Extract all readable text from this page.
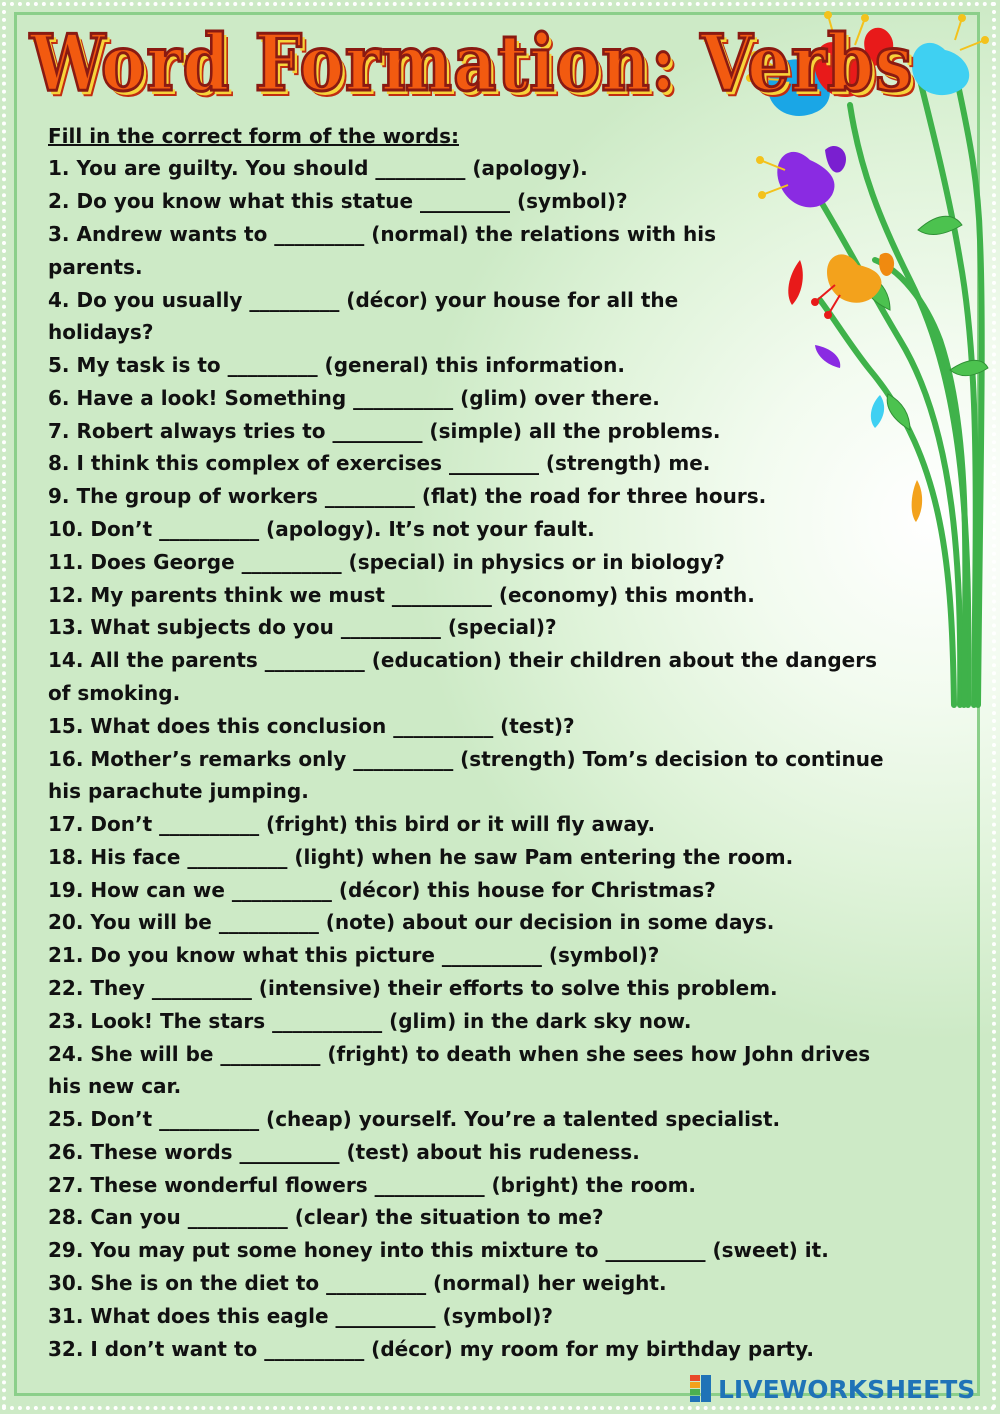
Word Formation: Verbs
Fill in the correct form of the words:
1. You are guilty. You should _________ (apology).
2. Do you know what this statue _________ (symbol)?
3. Andrew wants to _________ (normal) the relations with his
parents.
4. Do you usually _________ (décor) your house for all the
holidays?
5. My task is to _________ (general) this information.
6. Have a look! Something __________ (glim) over there.
7. Robert always tries to _________ (simple) all the problems.
8. I think this complex of exercises _________ (strength) me.
9. The group of workers _________ (flat) the road for three hours.
10. Don’t __________ (apology). It’s not your fault.
11. Does George __________ (special) in physics or in biology?
12. My parents think we must __________ (economy) this month.
13. What subjects do you __________ (special)?
14. All the parents __________ (education) their children about the dangers
of smoking.
15. What does this conclusion __________ (test)?
16. Mother’s remarks only __________ (strength) Tom’s decision to continue
his parachute jumping.
17. Don’t __________ (fright) this bird or it will fly away.
18. His face __________ (light) when he saw Pam entering the room.
19. How can we __________ (décor) this house for Christmas?
20. You will be __________ (note) about our decision in some days.
21. Do you know what this picture __________ (symbol)?
22. They __________ (intensive) their efforts to solve this problem.
23. Look! The stars ___________ (glim) in the dark sky now.
24. She will be __________ (fright) to death when she sees how John drives
his new car.
25. Don’t __________ (cheap) yourself. You’re a talented specialist.
26. These words __________ (test) about his rudeness.
27. These wonderful flowers ___________ (bright) the room.
28. Can you __________ (clear) the situation to me?
29. You may put some honey into this mixture to __________ (sweet) it.
30. She is on the diet to __________ (normal) her weight.
31. What does this eagle __________ (symbol)?
32. I don’t want to __________ (décor) my room for my birthday party.
LIVEWORKSHEETS
